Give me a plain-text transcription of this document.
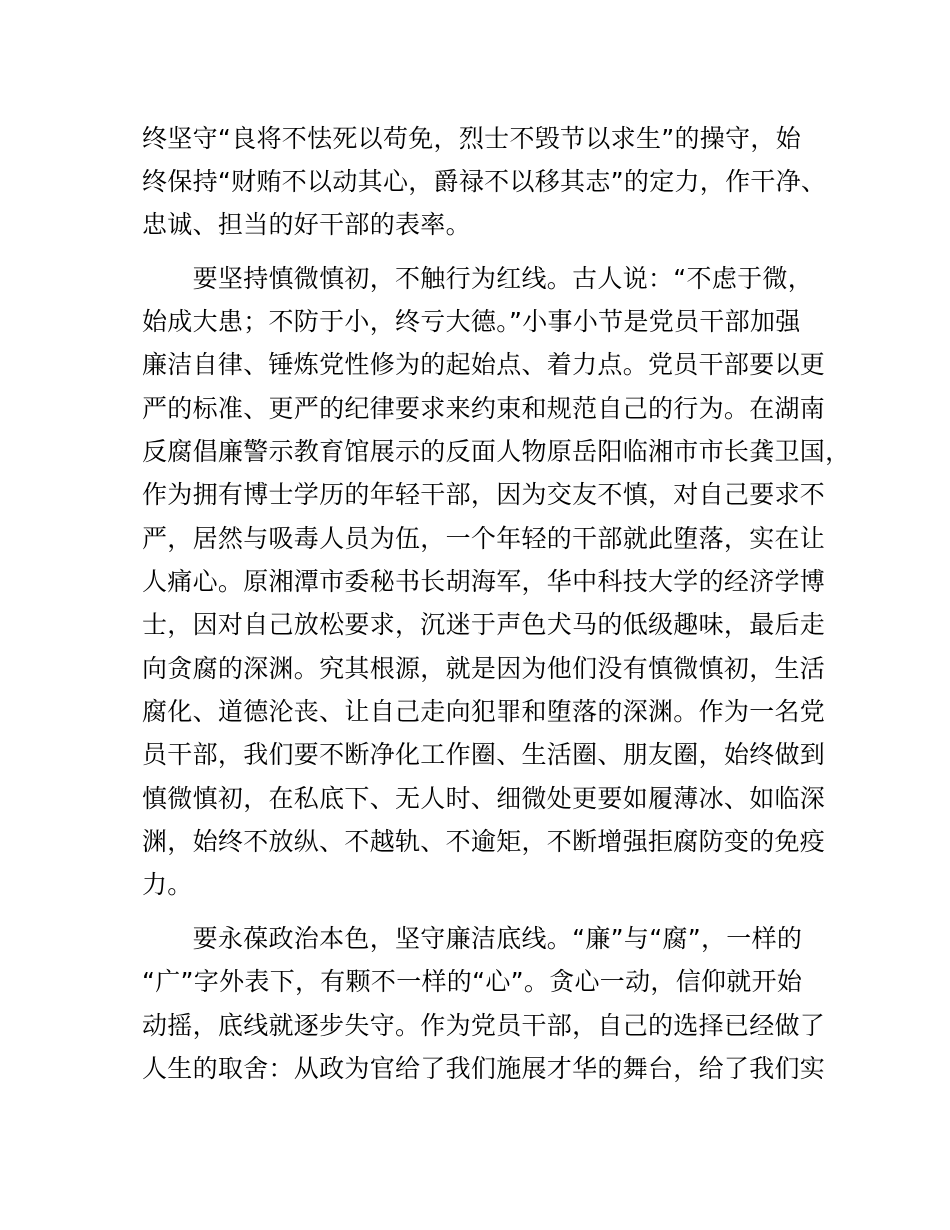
终坚守“良将不怯死以苟免，烈士不毁节以求生”的操守，始
终保持“财贿不以动其心，爵禄不以移其志”的定力，作干净、
忠诚、担当的好干部的表率。
　　要坚持慎微慎初，不触行为红线。古人说：“不虑于微，
始成大患；不防于小，终亏大德。”小事小节是党员干部加强
廉洁自律、锤炼党性修为的起始点、着力点。党员干部要以更
严的标准、更严的纪律要求来约束和规范自己的行为。在湖南
反腐倡廉警示教育馆展示的反面人物原岳阳临湘市市长龚卫国，
作为拥有博士学历的年轻干部，因为交友不慎，对自己要求不
严，居然与吸毒人员为伍，一个年轻的干部就此堕落，实在让
人痛心。原湘潭市委秘书长胡海军，华中科技大学的经济学博
士，因对自己放松要求，沉迷于声色犬马的低级趣味，最后走
向贪腐的深渊。究其根源，就是因为他们没有慎微慎初，生活
腐化、道德沦丧、让自己走向犯罪和堕落的深渊。作为一名党
员干部，我们要不断净化工作圈、生活圈、朋友圈，始终做到
慎微慎初，在私底下、无人时、细微处更要如履薄冰、如临深
渊，始终不放纵、不越轨、不逾矩，不断增强拒腐防变的免疫
力。
　　要永葆政治本色，坚守廉洁底线。“廉”与“腐”，一样的
“广”字外表下，有颗不一样的“心”。贪心一动，信仰就开始
动摇，底线就逐步失守。作为党员干部，自己的选择已经做了
人生的取舍：从政为官给了我们施展才华的舞台，给了我们实
